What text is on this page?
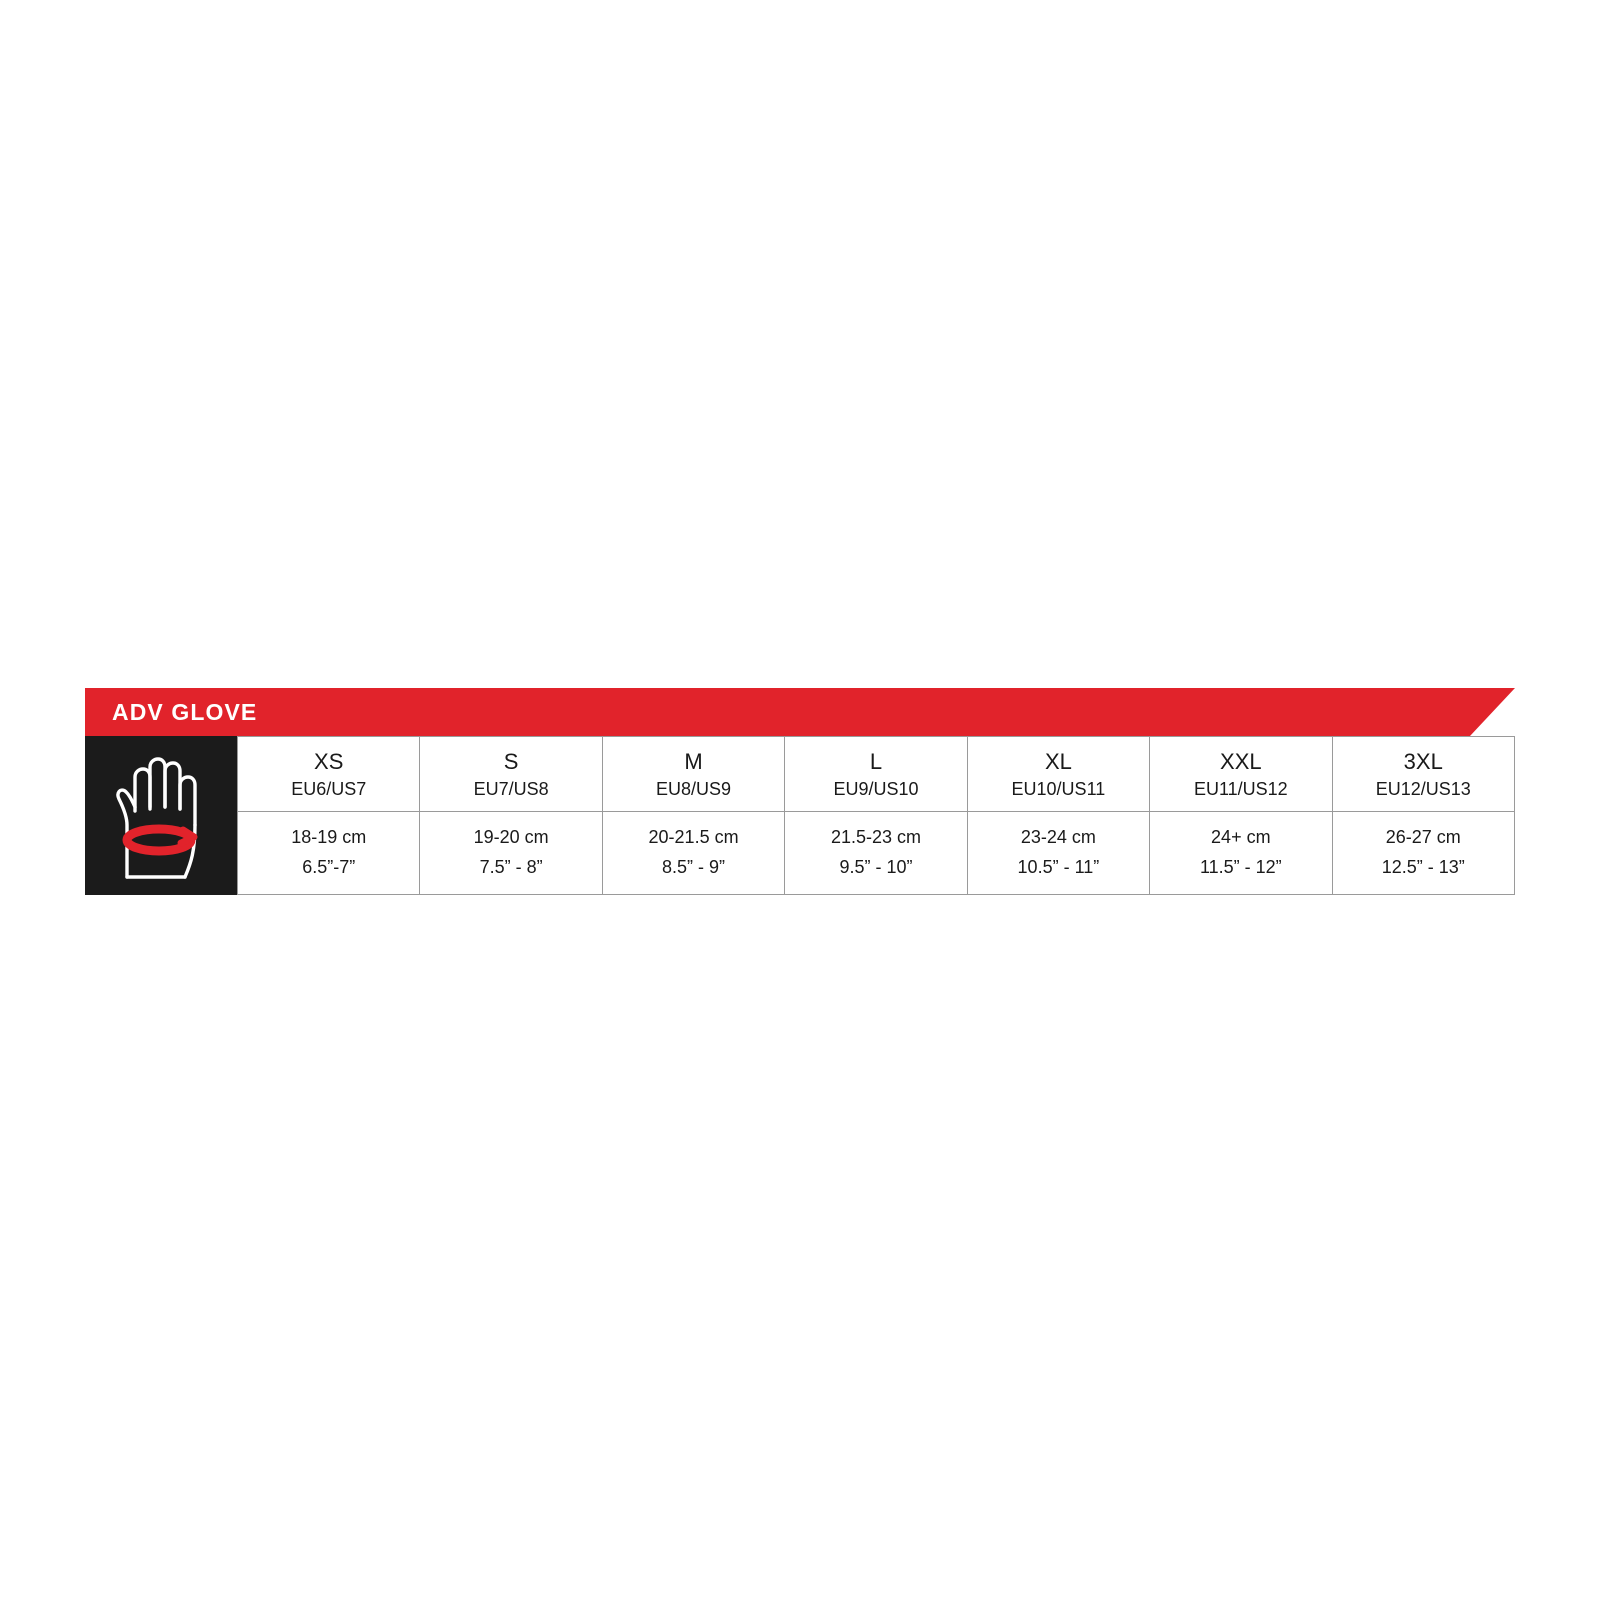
ADV GLOVE
XS
EU6/US7
18-19 cm
6.5”-7”
S
EU7/US8
19-20 cm
7.5” - 8”
M
EU8/US9
20-21.5 cm
8.5” - 9”
L
EU9/US10
21.5-23 cm
9.5” - 10”
XL
EU10/US11
23-24 cm
10.5” - 11”
XXL
EU11/US12
24+ cm
11.5” - 12”
3XL
EU12/US13
26-27 cm
12.5” - 13”
